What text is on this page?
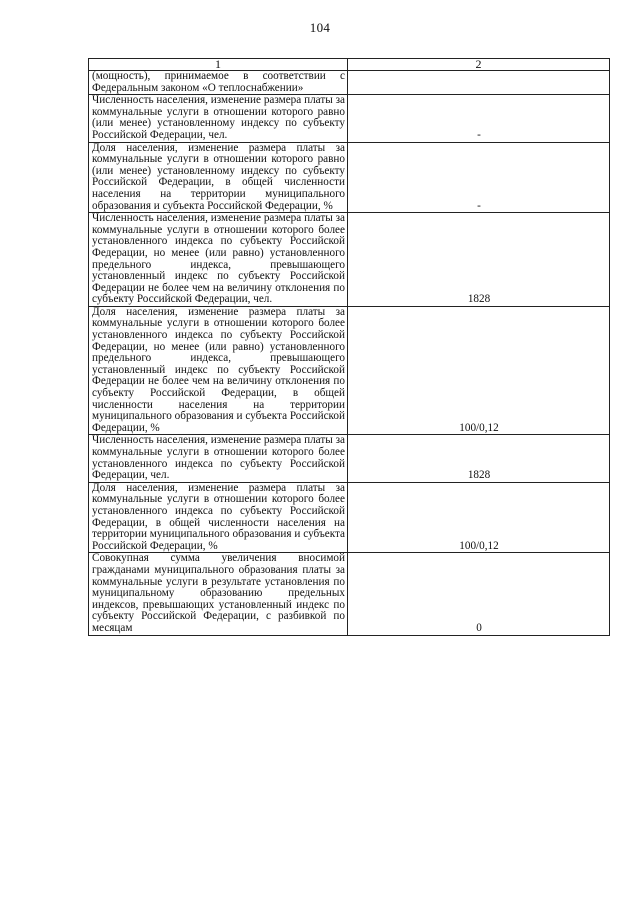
104
1	2
(мощность), принимаемое в соответствии с Федеральным законом «О теплоснабжении»	
Численность населения, изменение размера платы за коммунальные услуги в отношении которого равно (или менее) установленному индексу по субъекту Российской Федерации, чел.	-
Доля населения, изменение размера платы за коммунальные услуги в отношении которого равно (или менее) установленному индексу по субъекту Российской Федерации, в общей численности населения на территории муниципального образования и субъекта Российской Федерации, %	-
Численность населения, изменение размера платы за коммунальные услуги в отношении которого более установленного индекса по субъекту Российской Федерации, но менее (или равно) установленного предельного индекса, превышающего установленный индекс по субъекту Российской Федерации не более чем на величину отклонения по субъекту Российской Федерации, чел.	1828
Доля населения, изменение размера платы за коммунальные услуги в отношении которого более установленного индекса по субъекту Российской Федерации, но менее (или равно) установленного предельного индекса, превышающего установленный индекс по субъекту Российской Федерации не более чем на величину отклонения по субъекту Российской Федерации, в общей численности населения на территории муниципального образования и субъекта Российской Федерации, %	100/0,12
Численность населения, изменение размера платы за коммунальные услуги в отношении которого более установленного индекса по субъекту Российской Федерации, чел.	1828
Доля населения, изменение размера платы за коммунальные услуги в отношении которого более установленного индекса по субъекту Российской Федерации, в общей численности населения на территории муниципального образования и субъекта Российской Федерации, %	100/0,12
Совокупная сумма увеличения вносимой гражданами муниципального образования платы за коммунальные услуги в результате установления по муниципальному образованию предельных индексов, превышающих установленный индекс по субъекту Российской Федерации, с разбивкой по месяцам	0
